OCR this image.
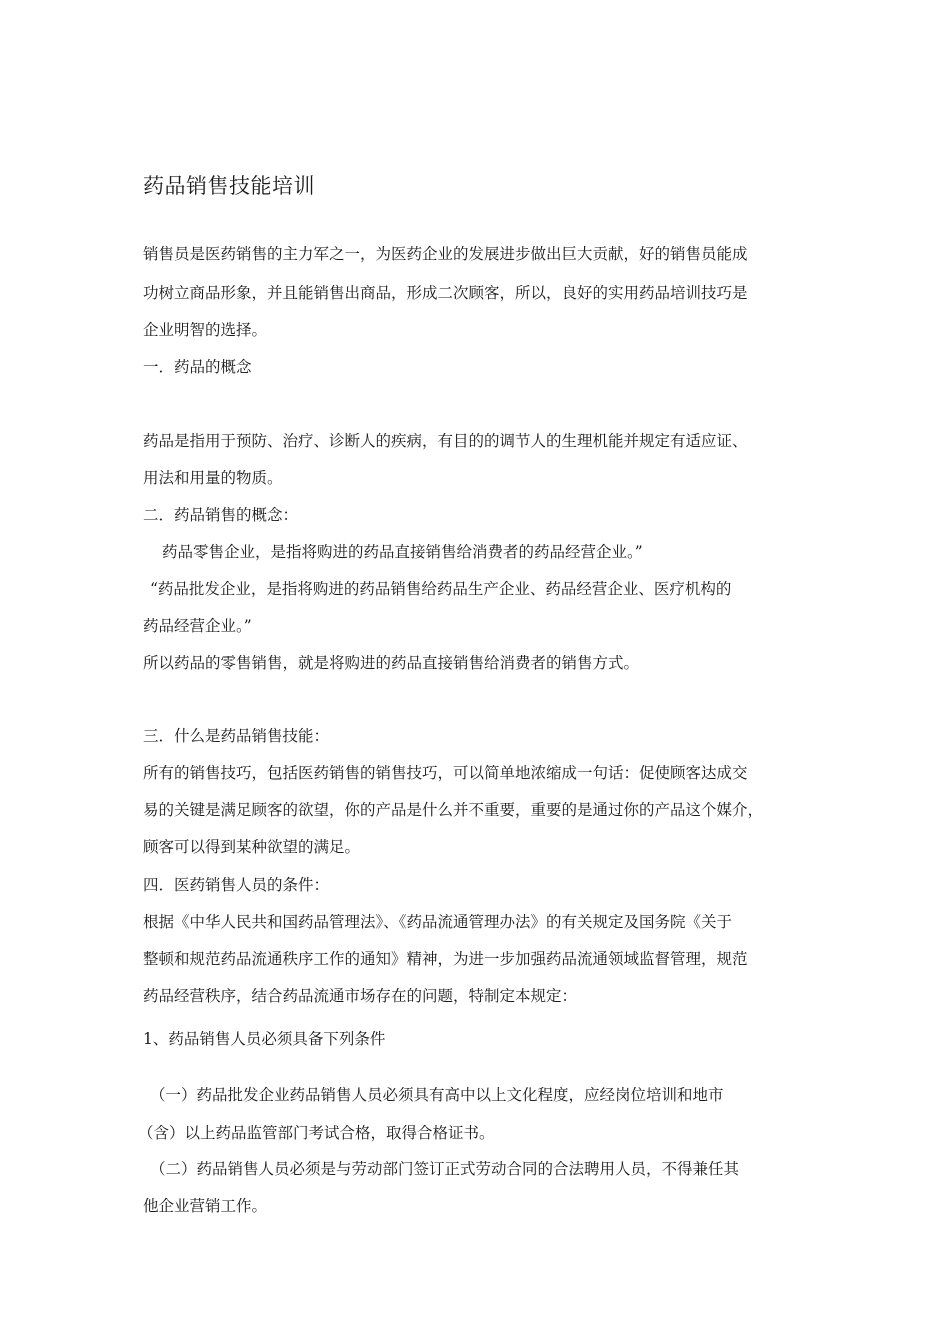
药品销售技能培训
销售员是医药销售的主力军之一，为医药企业的发展进步做出巨大贡献，好的销售员能成
功树立商品形象，并且能销售出商品，形成二次顾客，所以，良好的实用药品培训技巧是
企业明智的选择。
一．药品的概念
药品是指用于预防、治疗、诊断人的疾病，有目的的调节人的生理机能并规定有适应证、
用法和用量的物质。
二．药品销售的概念：
药品零售企业，是指将购进的药品直接销售给消费者的药品经营企业。”
“药品批发企业，是指将购进的药品销售给药品生产企业、药品经营企业、医疗机构的
药品经营企业。”
所以药品的零售销售，就是将购进的药品直接销售给消费者的销售方式。
三．什么是药品销售技能：
所有的销售技巧，包括医药销售的销售技巧，可以简单地浓缩成一句话：促使顾客达成交
易的关键是满足顾客的欲望，你的产品是什么并不重要，重要的是通过你的产品这个媒介，
顾客可以得到某种欲望的满足。
四．医药销售人员的条件：
根据《中华人民共和国药品管理法》、《药品流通管理办法》的有关规定及国务院《关于
整顿和规范药品流通秩序工作的通知》精神，为进一步加强药品流通领域监督管理，规范
药品经营秩序，结合药品流通市场存在的问题，特制定本规定：
1、药品销售人员必须具备下列条件
（一）药品批发企业药品销售人员必须具有高中以上文化程度，应经岗位培训和地市
（含）以上药品监管部门考试合格，取得合格证书。
（二）药品销售人员必须是与劳动部门签订正式劳动合同的合法聘用人员，不得兼任其
他企业营销工作。
